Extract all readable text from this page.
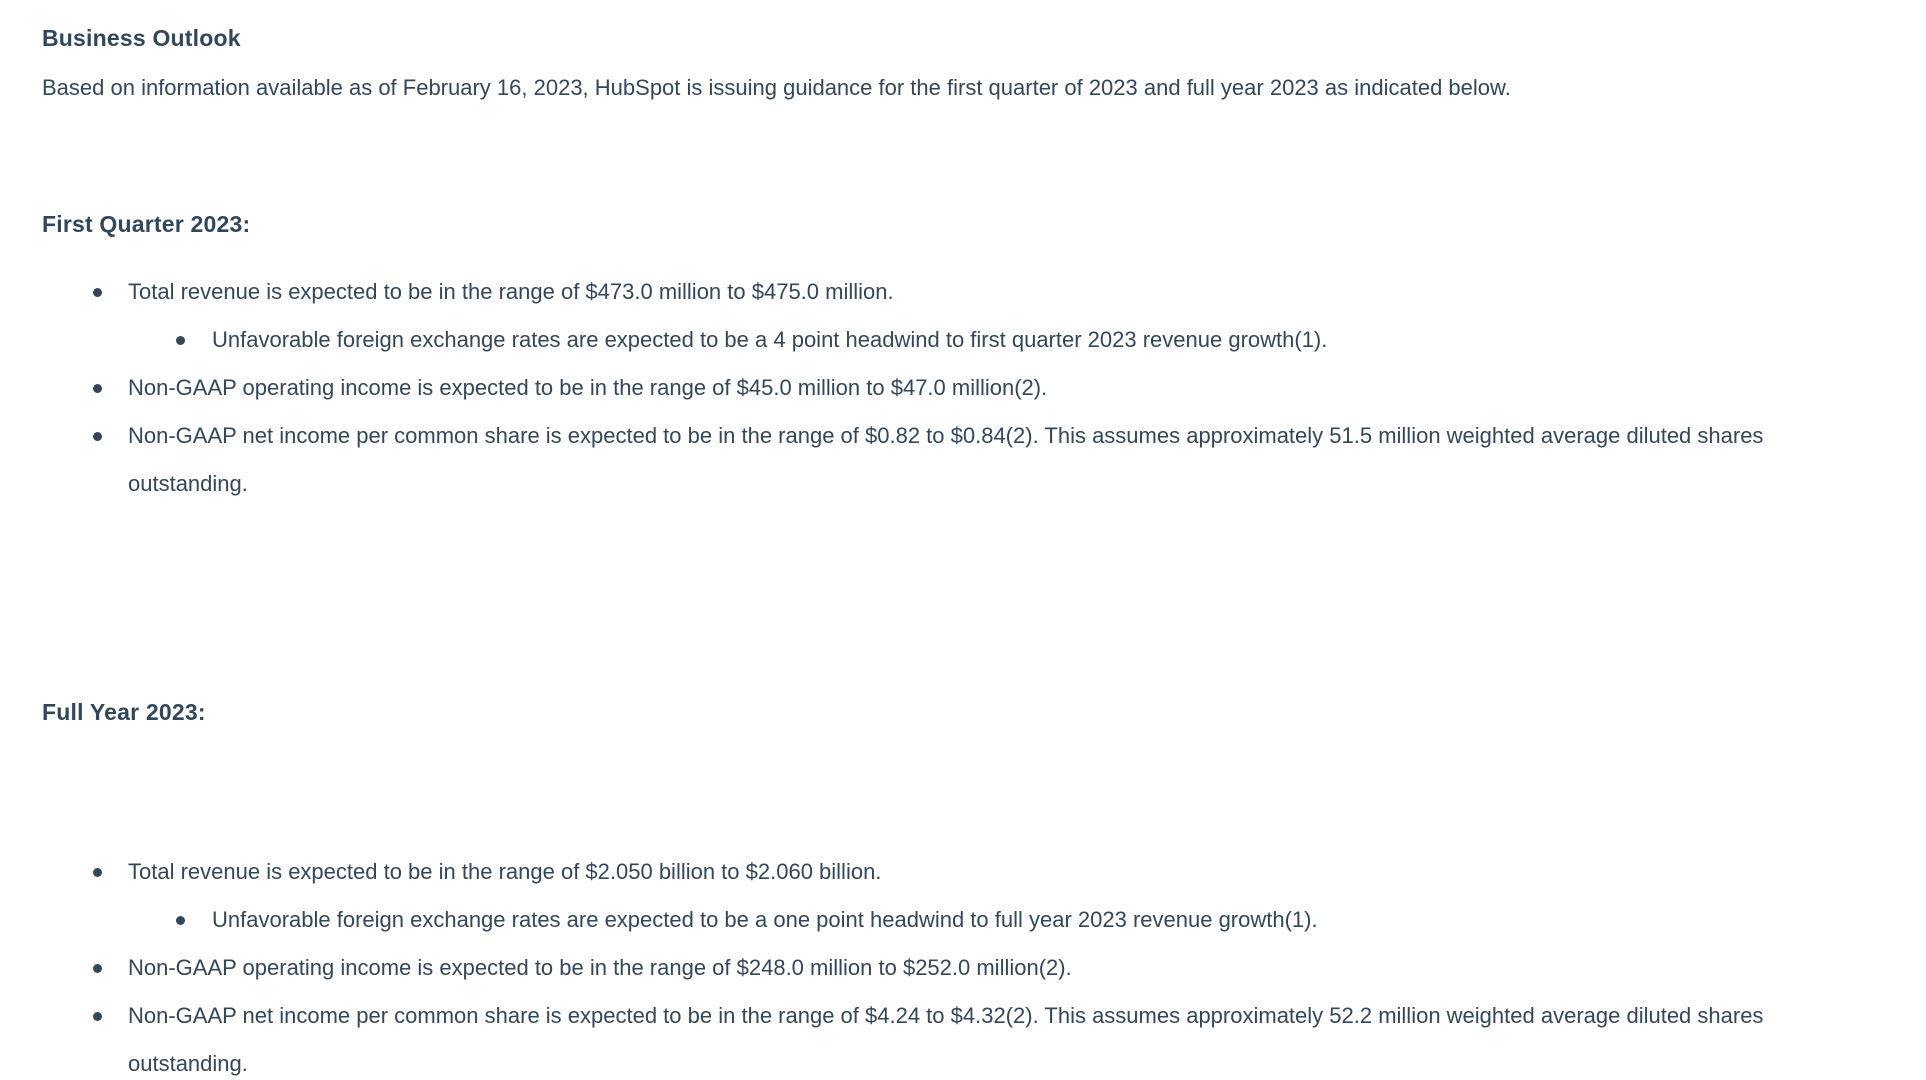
Business Outlook

Based on information available as of February 16, 2023, HubSpot is issuing guidance for the first quarter of 2023 and full year 2023 as indicated below.

First Quarter 2023:
Total revenue is expected to be in the range of $473.0 million to $475.0 million.
Unfavorable foreign exchange rates are expected to be a 4 point headwind to first quarter 2023 revenue growth(1).
Non-GAAP operating income is expected to be in the range of $45.0 million to $47.0 million(2).
Non-GAAP net income per common share is expected to be in the range of $0.82 to $0.84(2). This assumes approximately 51.5 million weighted average diluted shares outstanding.
Full Year 2023:
Total revenue is expected to be in the range of $2.050 billion to $2.060 billion.
Unfavorable foreign exchange rates are expected to be a one point headwind to full year 2023 revenue growth(1).
Non-GAAP operating income is expected to be in the range of $248.0 million to $252.0 million(2).
Non-GAAP net income per common share is expected to be in the range of $4.24 to $4.32(2). This assumes approximately 52.2 million weighted average diluted shares outstanding.
